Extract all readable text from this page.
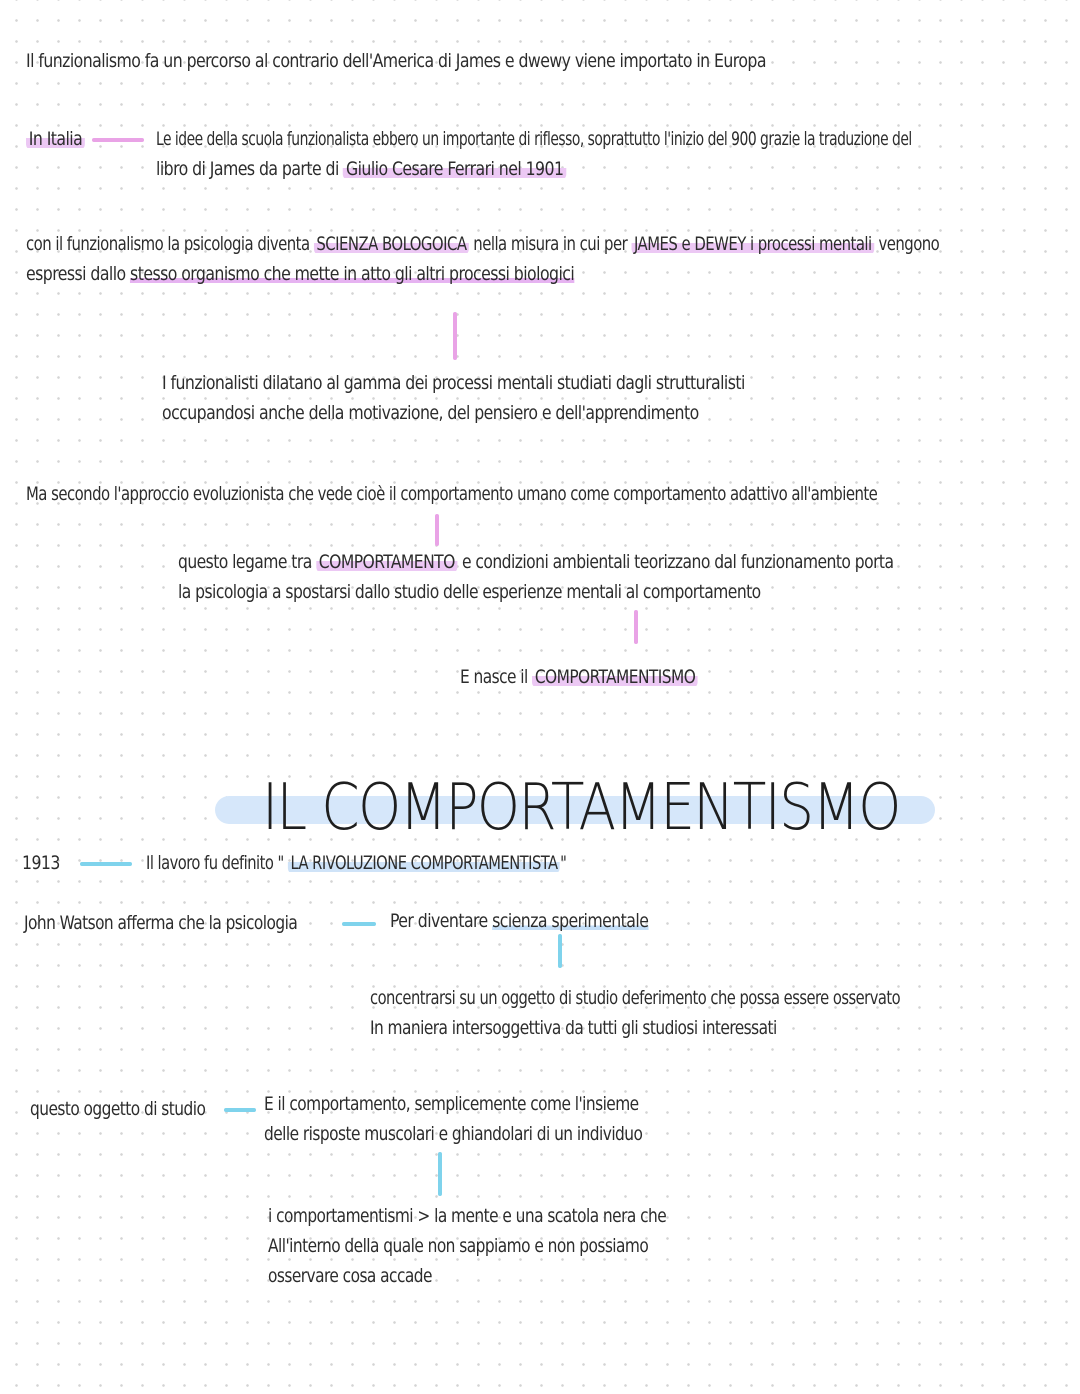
Il funzionalismo fa un percorso al contrario dell'America di James e dwewy viene importato in Europa
In Italia	Le idee della scuola funzionalista ebbero un importante di riflesso, soprattutto l'inizio del 900 grazie la traduzione del
libro di James da parte di Giulio Cesare Ferrari nel 1901
con il funzionalismo la psicologia diventa SCIENZA BOLOGOICA nella misura in cui per JAMES e DEWEY i processi mentali vengono
espressi dallo stesso organismo che mette in atto gli altri processi biologici
I funzionalisti dilatano al gamma dei processi mentali studiati dagli strutturalisti
occupandosi anche della motivazione, del pensiero e dell'apprendimento
Ma secondo l'approccio evoluzionista che vede cioè il comportamento umano come comportamento adattivo all'ambiente
questo legame tra COMPORTAMENTO e condizioni ambientali teorizzano dal funzionamento porta
la psicologia a spostarsi dallo studio delle esperienze mentali al comportamento
E nasce il COMPORTAMENTISMO
IL COMPORTAMENTISMO
1913	Il lavoro fu definito " LA RIVOLUZIONE COMPORTAMENTISTA "
John Watson afferma che la psicologia	Per diventare scienza sperimentale
concentrarsi su un oggetto di studio deferimento che possa essere osservato
In maniera intersoggettiva da tutti gli studiosi interessati
questo oggetto di studio	E il comportamento, semplicemente come l'insieme
delle risposte muscolari e ghiandolari di un individuo
i comportamentismi > la mente e una scatola nera che
All'interno della quale non sappiamo e non possiamo
osservare cosa accade
